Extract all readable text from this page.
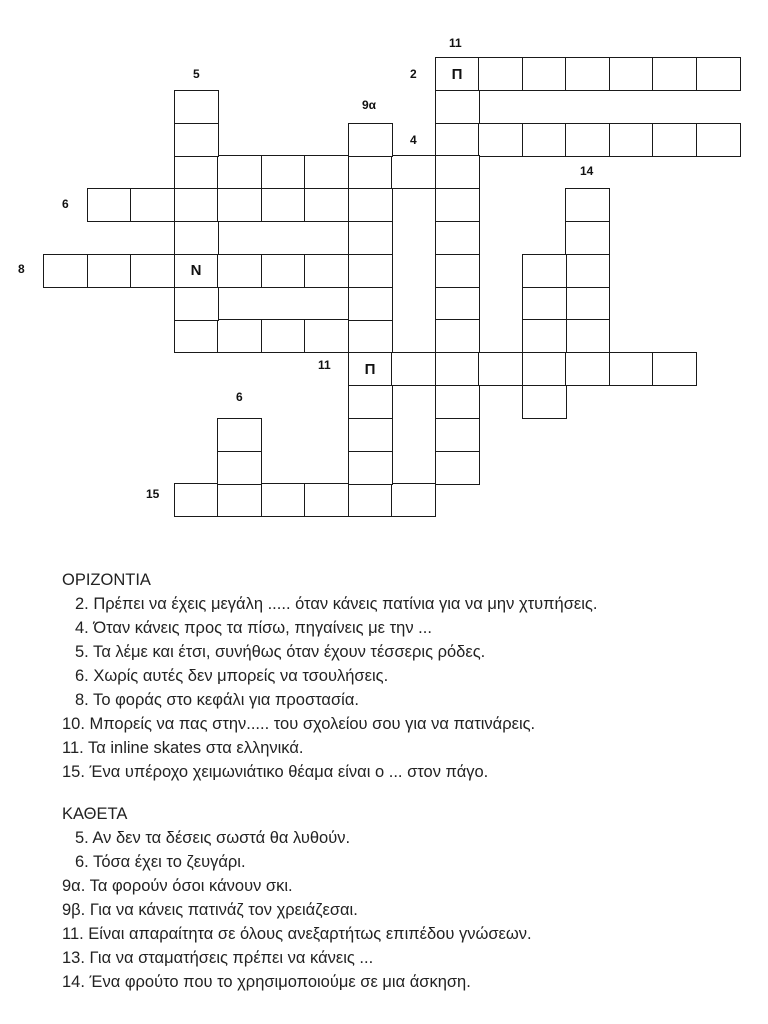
11
2
5
9α
4
14
6
8
11
6
15
Π
Ν
Π
ΟΡΙΖΟΝΤΙΑ
2. Πρέπει να έχεις μεγάλη ..... όταν κάνεις πατίνια για να μην χτυπήσεις.
4. Όταν κάνεις προς τα πίσω, πηγαίνεις με την ...
5. Τα λέμε και έτσι, συνήθως όταν έχουν τέσσερις ρόδες.
6. Χωρίς αυτές δεν μπορείς να τσουλήσεις.
8. Το φοράς στο κεφάλι για προστασία.
10. Μπορείς να πας στην..... του σχολείου σου για να πατινάρεις.
11. Τα inline skates στα ελληνικά.
15. Ένα υπέροχο χειμωνιάτικο θέαμα είναι ο ... στον πάγο.
ΚΑΘΕΤΑ
5. Αν δεν τα δέσεις σωστά θα λυθούν.
6. Τόσα έχει το ζευγάρι.
9α. Τα φορούν όσοι κάνουν σκι.
9β. Για να κάνεις πατινάζ τον χρειάζεσαι.
11. Είναι απαραίτητα σε όλους ανεξαρτήτως επιπέδου γνώσεων.
13. Για να σταματήσεις πρέπει να κάνεις ...
14. Ένα φρούτο που το χρησιμοποιούμε σε μια άσκηση.
